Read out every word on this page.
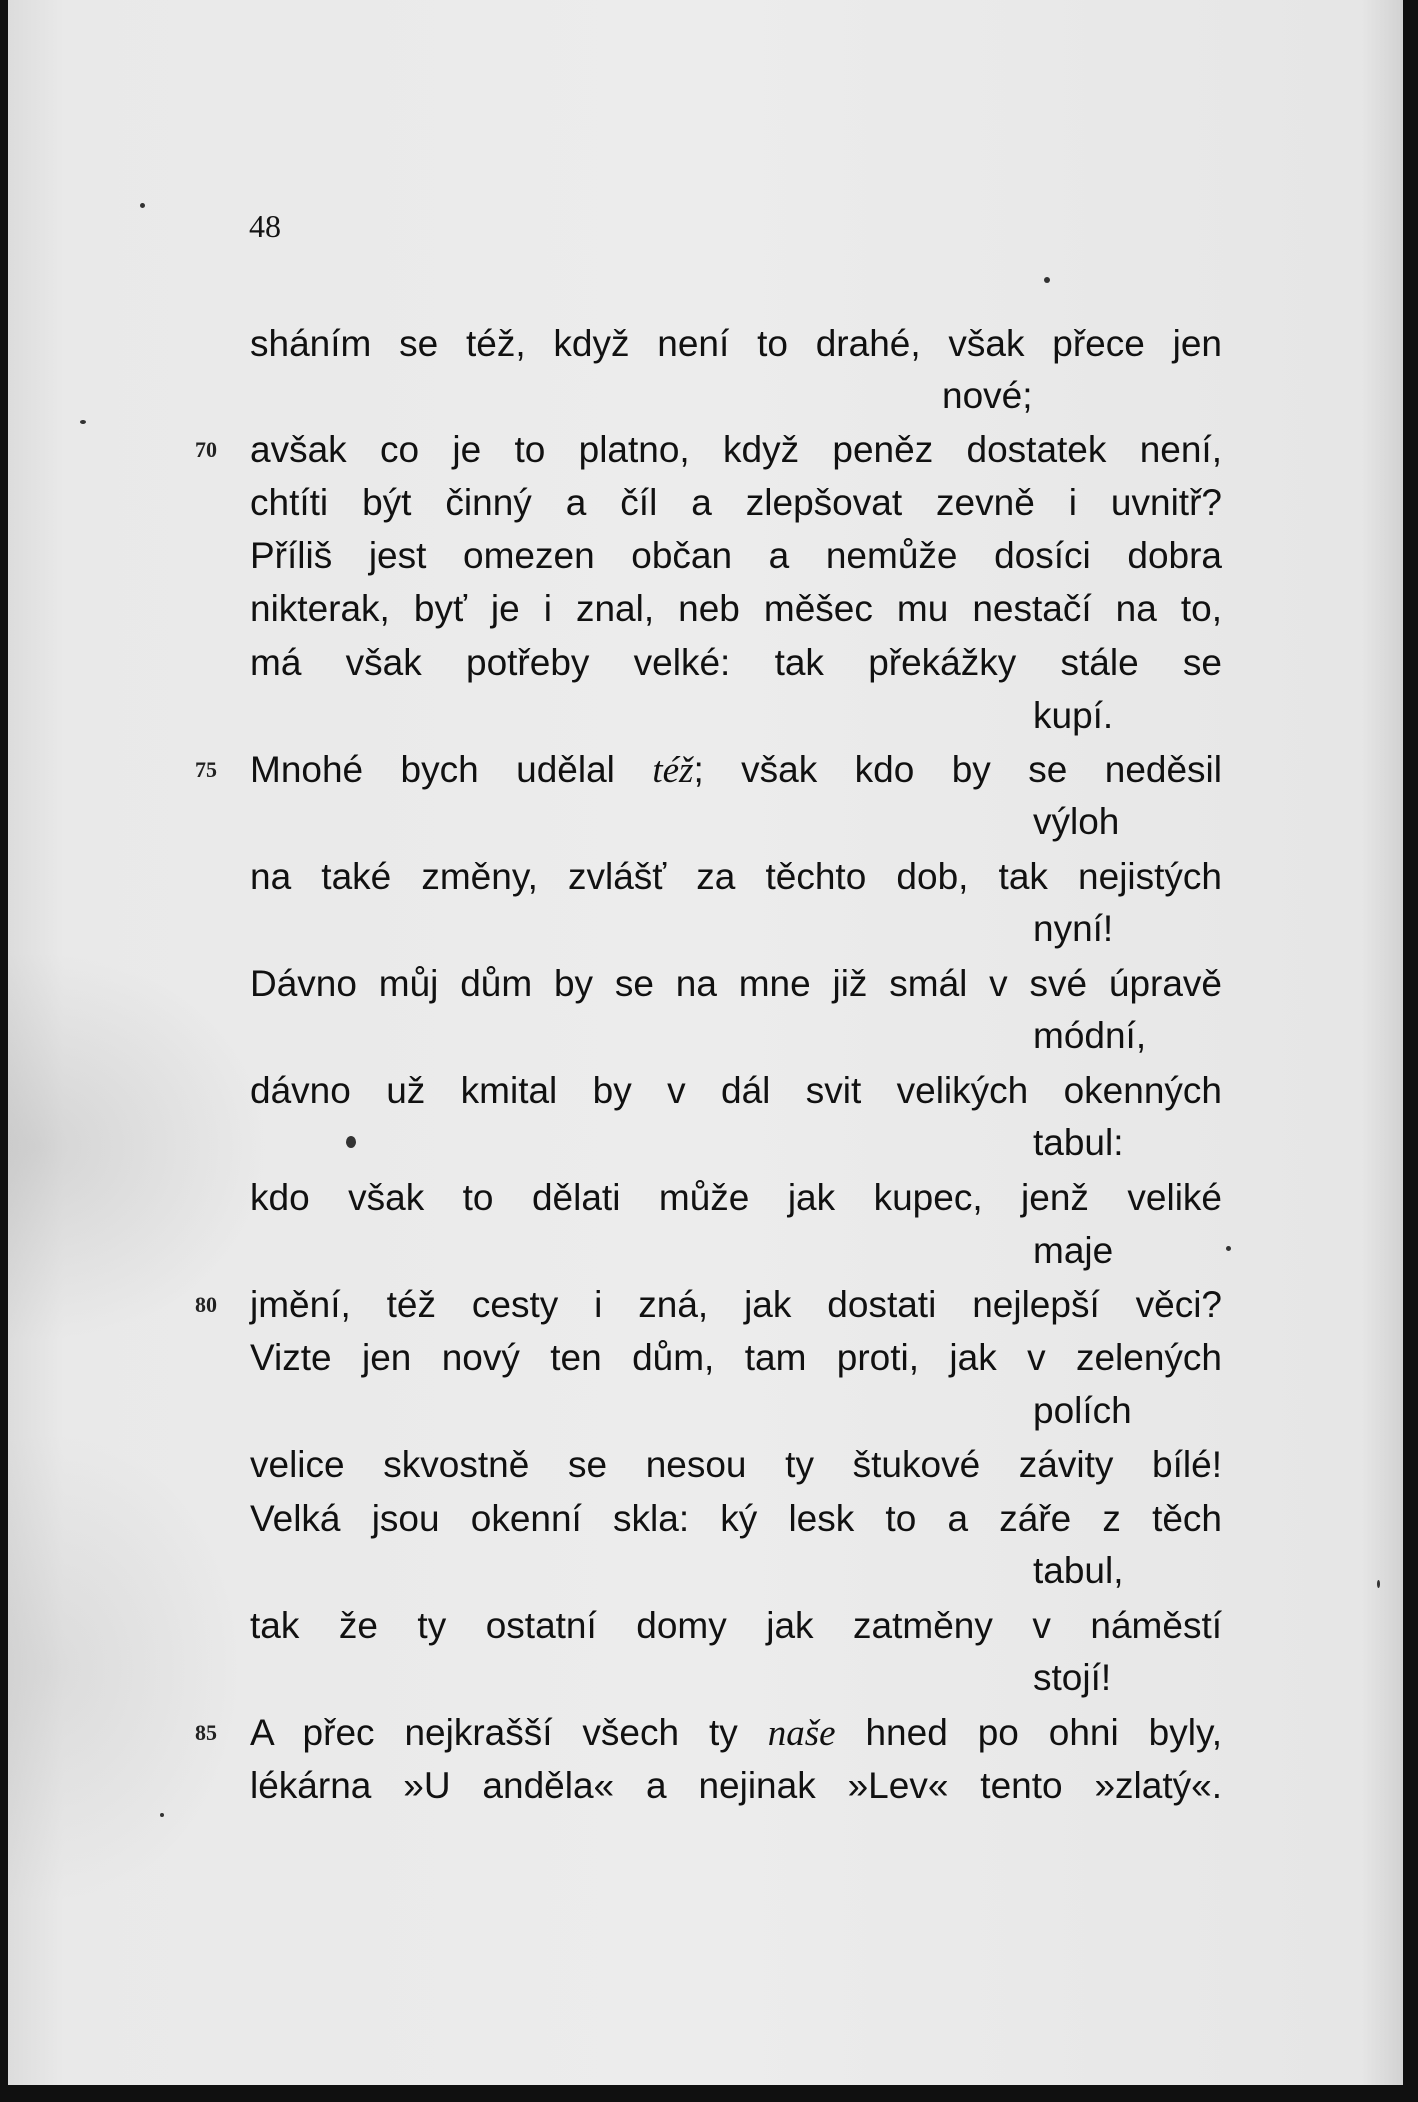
48
sháním se též, když není to drahé, však přece jen
nové;
70 avšak co je to platno, když peněz dostatek není,
chtíti být činný a číl a zlepšovat zevně i uvnitř?
Příliš jest omezen občan a nemůže dosíci dobra
nikterak, byť je i znal, neb měšec mu nestačí na to,
má však potřeby velké: tak překážky stále se
kupí.
75 Mnohé bych udělal též; však kdo by se neděsil
výloh
na také změny, zvlášť za těchto dob, tak nejistých
nyní!
Dávno můj dům by se na mne již smál v své úpravě
módní,
dávno už kmital by v dál svit velikých okenných
tabul:
kdo však to dělati může jak kupec, jenž veliké
maje
80 jmění, též cesty i zná, jak dostati nejlepší věci?
Vizte jen nový ten dům, tam proti, jak v zelených
polích
velice skvostně se nesou ty štukové závity bílé!
Velká jsou okenní skla: ký lesk to a záře z těch
tabul,
tak že ty ostatní domy jak zatměny v náměstí
stojí!
85 A přec nejkrašší všech ty naše hned po ohni byly,
lékárna »U anděla« a nejinak »Lev« tento »zlatý«.
